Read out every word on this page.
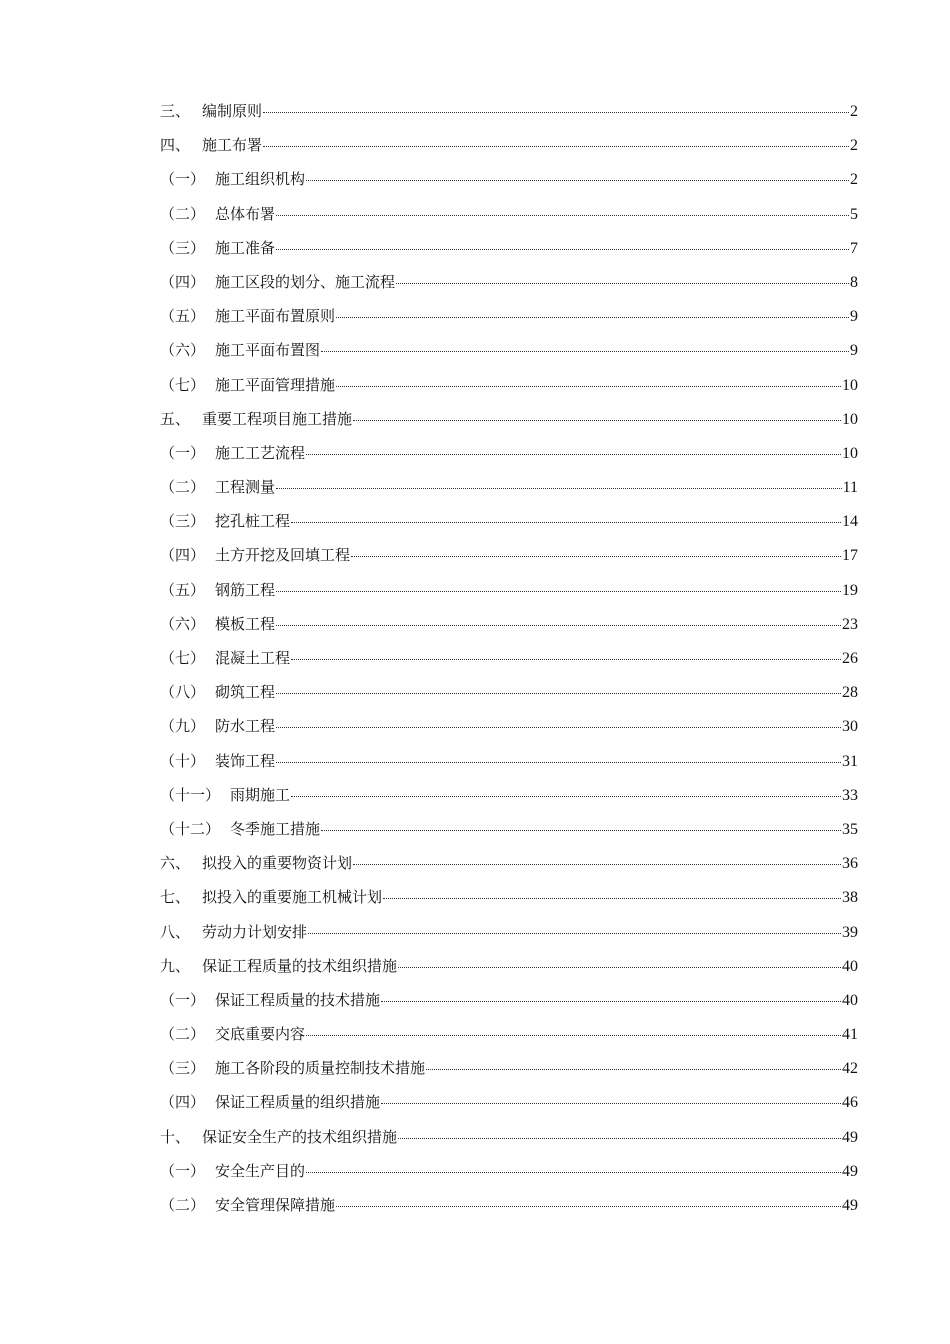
三、 编制原则	2
四、 施工布署	2
（一） 施工组织机构	2
（二） 总体布署	5
（三） 施工准备	7
（四） 施工区段的划分、施工流程	8
（五） 施工平面布置原则	9
（六） 施工平面布置图	9
（七） 施工平面管理措施	10
五、 重要工程项目施工措施	10
（一） 施工工艺流程	10
（二） 工程测量	11
（三） 挖孔桩工程	14
（四） 土方开挖及回填工程	17
（五） 钢筋工程	19
（六） 模板工程	23
（七） 混凝土工程	26
（八） 砌筑工程	28
（九） 防水工程	30
（十） 装饰工程	31
（十一） 雨期施工	33
（十二） 冬季施工措施	35
六、 拟投入的重要物资计划	36
七、 拟投入的重要施工机械计划	38
八、 劳动力计划安排	39
九、 保证工程质量的技术组织措施	40
（一） 保证工程质量的技术措施	40
（二） 交底重要内容	41
（三） 施工各阶段的质量控制技术措施	42
（四） 保证工程质量的组织措施	46
十、 保证安全生产的技术组织措施	49
（一） 安全生产目的	49
（二） 安全管理保障措施	49
